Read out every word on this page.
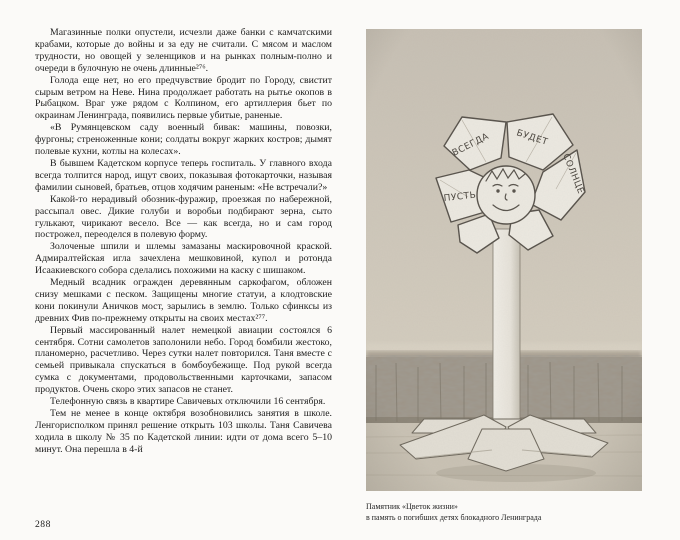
Магазинные полки опустели, исчезли даже банки с камчатскими крабами, которые до войны и за еду не считали. С мясом и маслом трудности, но овощей у зеленщиков и на рынках полным-полно и очереди в булочную не очень длинные²⁷⁶.

Голода еще нет, но его предчувствие бродит по Городу, свистит сырым ветром на Неве. Нина продолжает работать на рытье окопов в Рыбацком. Враг уже рядом с Колпином, его артиллерия бьет по окраинам Ленинграда, появились первые убитые, раненые.

«В Румянцевском саду военный бивак: машины, повозки, фургоны; стреноженные кони; солдаты вокруг жарких костров; дымят полевые кухни, котлы на колесах».

В бывшем Кадетском корпусе теперь госпиталь. У главного входа всегда толпится народ, ищут своих, показывая фотокарточки, называя фамилии сыновей, братьев, отцов ходячим раненым: «Не встречали?»

Какой-то нерадивый обозник-фуражир, проезжая по набережной, рассыпал овес. Дикие голуби и воробьи подбирают зерна, сыто гулькают, чирикают весело. Все — как всегда, но и сам город построжел, переоделся в полевую форму.

Золоченые шпили и шлемы замазаны маскировочной краской. Адмиралтейская игла зачехлена мешковиной, купол и ротонда Исаакиевского собора сделались похожими на каску с шишаком.

Медный всадник огражден деревянным саркофагом, обложен снизу мешками с песком. Защищены многие статуи, а клодтовские кони покинули Аничков мост, зарылись в землю. Только сфинксы из древних Фив по-прежнему открыты на своих местах²⁷⁷.

Первый массированный налет немецкой авиации состоялся 6 сентября. Сотни самолетов заполонили небо. Город бомбили жестоко, планомерно, расчетливо. Через сутки налет повторился. Таня вместе с семьей привыкала спускаться в бомбоубежище. Под рукой всегда сумка с документами, продовольственными карточками, запасом продуктов. Очень скоро этих запасов не станет.

Телефонную связь в квартире Савичевых отключили 16 сентября.

Тем не менее в конце октября возобновились занятия в школе. Ленгорисполком принял решение открыть 103 школы. Таня Савичева ходила в школу № 35 по Кадетской линии: идти от дома всего 5–10 минут. Она перешла в 4-й

288
Памятник «Цветок жизни»
в память о погибших детях блокадного Ленинграда
